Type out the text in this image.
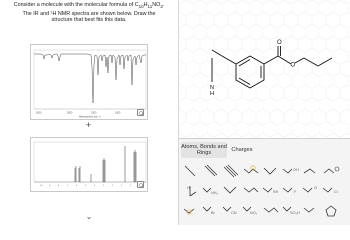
Consider a molecule with the molecular formula of $C_{10}H_{11}NO_2$.
The IR and ¹H NMR spectra are shown below. Draw the
structure that best fits this data.
3000	2000	1500	1000
Wavenumber (cm⁻¹)
+
10	9	8	7	6	5	4	3	2	1	0
⌄
O
O
N
H
Atoms, Bonds and Rings
Charges
OH
H
NH₂	SH	F
O
Cl
Br	CN	NO₂	SO₃H
